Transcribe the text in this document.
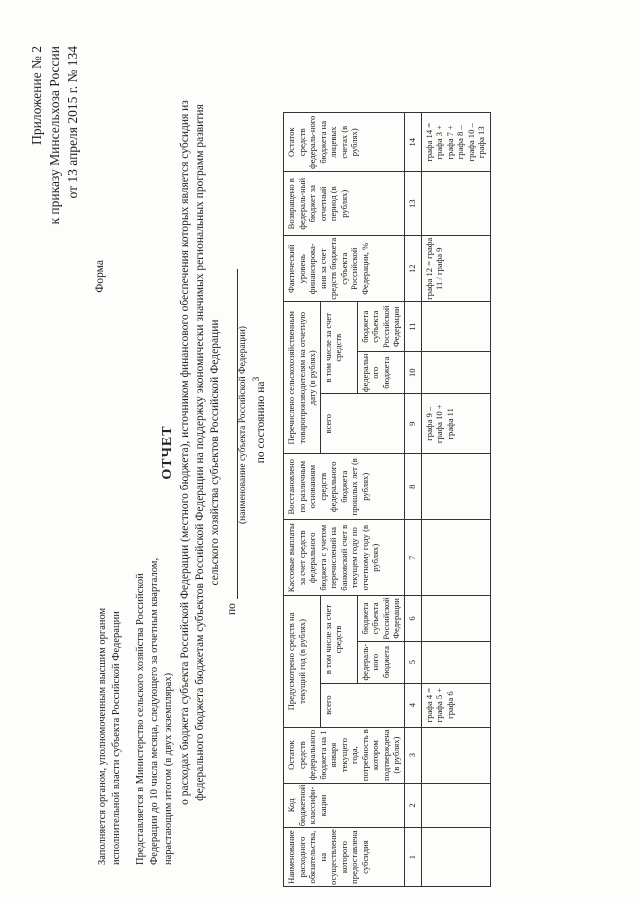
Приложение № 2 к приказу Минсельхоза России от 13 апреля 2015 г. № 134
Форма
Заполняется органом, уполномоченным высшим органом исполнительной власти субъекта Российской Федерации Представляется в Министерство сельского хозяйства Российской Федерации до 10 числа месяца, следующего за отчетным кварталом, нарастающим итогом (в двух экземплярах)
ОТЧЕТ о расходах бюджета субъекта Российской Федерации (местного бюджета), источником финансового обеспечения которых является субсидия из федерального бюджета бюджетам субъектов Российской Федерации на поддержку экономически значимых региональных программ развития сельского хозяйства субъектов Российской Федерации
по
(наименование субъекта Российской Федерации) по состоянию $на^3$
Наименование расходного обязательства, на осуществление которого предоставлена субсидия	Код бюджетной классифи-кации	Остаток средств федерального бюджета на 1 января текущего года, потребность в котором подтверждена (в рублях)	Предусмотрено средств на текущий год (в рублях)			Кассовые выплаты за счет средств федерального бюджета с учетом перечислений на банковский счет в текущем году по отчетному году (в рублях)	Восстановлено по различным основаниям средств федерального бюджета прошлых лет (в рублях)	Перечислено сельскохозяйственным товаропроизводителям на отчетную дату (в рублях)			Фактический уровень финансирова-ния за счет средств бюджета субъекта Российской Федерации, %	Возвращено в федераль-ный бюджет за отчетный период (в рублях)	Остаток средств федераль-ного бюджета на лицевых счетах (в рублях)
			всего	в том числе за счет средств				всего	в том числе за счет средств				
				федераль-ного бюджета	бюджета субъекта Российской Федерации				федеральн ого бюджета	бюджета субъекта Российской Федерации			
1	2	3	4	5	6	7	8	9	10	11	12	13	14
			графа 4 = графа 5 + графа 6					графа 9 – графа 10 + графа 11			графа 12 = графа 11 / графа 9		графа 14 = графа 3 + графа 7 + графа 8 – графа 10 – графа 13
